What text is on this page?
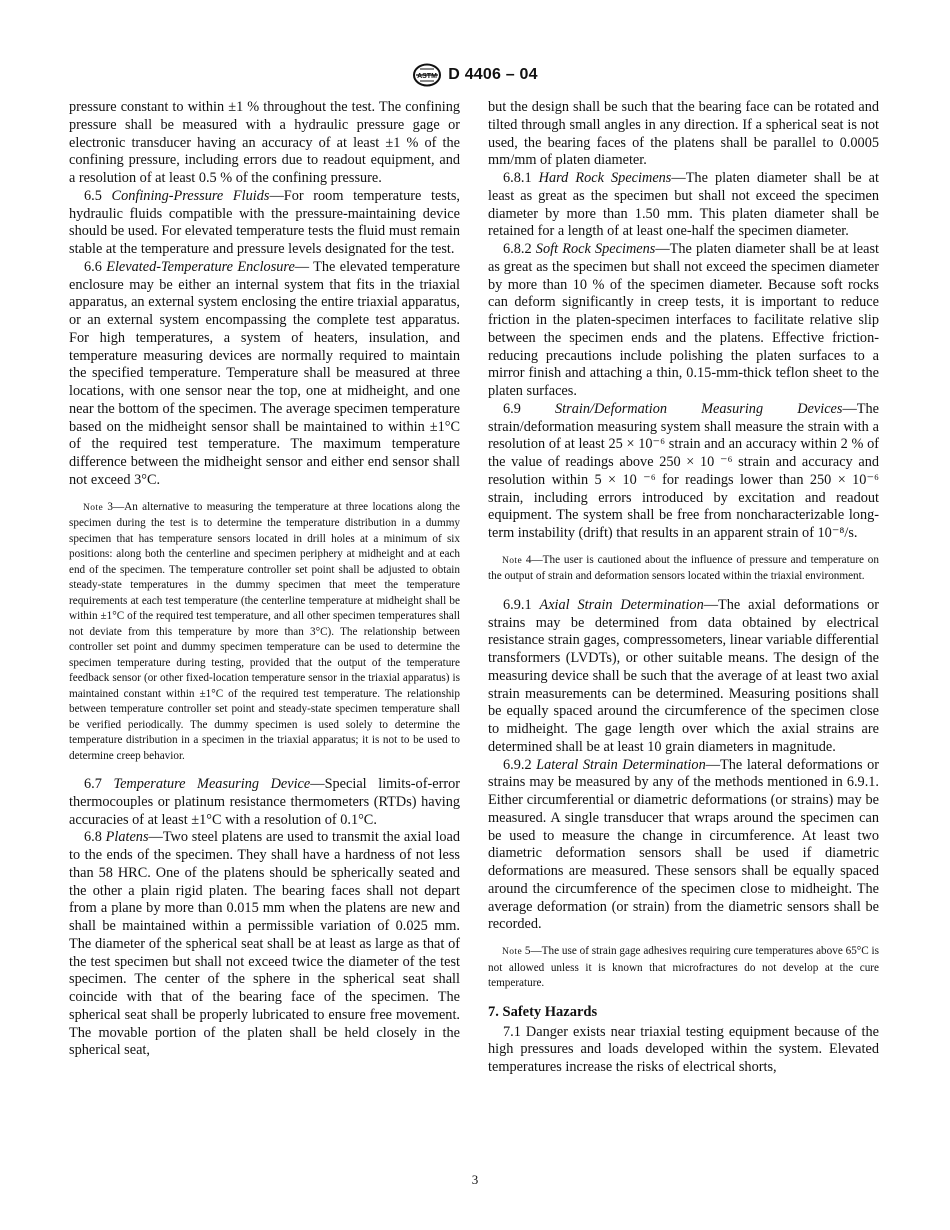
ASTM D 4406 – 04

pressure constant to within ±1 % throughout the test. The confining pressure shall be measured with a hydraulic pressure gage or electronic transducer having an accuracy of at least ±1 % of the confining pressure, including errors due to readout equipment, and a resolution of at least 0.5 % of the confining pressure.

6.5 Confining-Pressure Fluids—For room temperature tests, hydraulic fluids compatible with the pressure-maintaining device should be used. For elevated temperature tests the fluid must remain stable at the temperature and pressure levels designated for the test.

6.6 Elevated-Temperature Enclosure— The elevated temperature enclosure may be either an internal system that fits in the triaxial apparatus, an external system enclosing the entire triaxial apparatus, or an external system encompassing the complete test apparatus. For high temperatures, a system of heaters, insulation, and temperature measuring devices are normally required to maintain the specified temperature. Temperature shall be measured at three locations, with one sensor near the top, one at midheight, and one near the bottom of the specimen. The average specimen temperature based on the midheight sensor shall be maintained to within ±1°C of the required test temperature. The maximum temperature difference between the midheight sensor and either end sensor shall not exceed 3°C.

Note 3—An alternative to measuring the temperature at three locations along the specimen during the test is to determine the temperature distribution in a dummy specimen that has temperature sensors located in drill holes at a minimum of six positions: along both the centerline and specimen periphery at midheight and at each end of the specimen. The temperature controller set point shall be adjusted to obtain steady-state temperatures in the dummy specimen that meet the temperature requirements at each test temperature (the centerline temperature at midheight shall be within ±1°C of the required test temperature, and all other specimen temperatures shall not deviate from this temperature by more than 3°C). The relationship between controller set point and dummy specimen temperature can be used to determine the specimen temperature during testing, provided that the output of the temperature feedback sensor (or other fixed-location temperature sensor in the triaxial apparatus) is maintained constant within ±1°C of the required test temperature. The relationship between temperature controller set point and steady-state specimen temperature shall be verified periodically. The dummy specimen is used solely to determine the temperature distribution in a specimen in the triaxial apparatus; it is not to be used to determine creep behavior.

6.7 Temperature Measuring Device—Special limits-of-error thermocouples or platinum resistance thermometers (RTDs) having accuracies of at least ±1°C with a resolution of 0.1°C.

6.8 Platens—Two steel platens are used to transmit the axial load to the ends of the specimen. They shall have a hardness of not less than 58 HRC. One of the platens should be spherically seated and the other a plain rigid platen. The bearing faces shall not depart from a plane by more than 0.015 mm when the platens are new and shall be maintained within a permissible variation of 0.025 mm. The diameter of the spherical seat shall be at least as large as that of the test specimen but shall not exceed twice the diameter of the test specimen. The center of the sphere in the spherical seat shall coincide with that of the bearing face of the specimen. The spherical seat shall be properly lubricated to ensure free movement. The movable portion of the platen shall be held closely in the spherical seat,

but the design shall be such that the bearing face can be rotated and tilted through small angles in any direction. If a spherical seat is not used, the bearing faces of the platens shall be parallel to 0.0005 mm/mm of platen diameter.

6.8.1 Hard Rock Specimens—The platen diameter shall be at least as great as the specimen but shall not exceed the specimen diameter by more than 1.50 mm. This platen diameter shall be retained for a length of at least one-half the specimen diameter.

6.8.2 Soft Rock Specimens—The platen diameter shall be at least as great as the specimen but shall not exceed the specimen diameter by more than 10 % of the specimen diameter. Because soft rocks can deform significantly in creep tests, it is important to reduce friction in the platen-specimen interfaces to facilitate relative slip between the specimen ends and the platens. Effective friction-reducing precautions include polishing the platen surfaces to a mirror finish and attaching a thin, 0.15-mm-thick teflon sheet to the platen surfaces.

6.9 Strain/Deformation Measuring Devices—The strain/deformation measuring system shall measure the strain with a resolution of at least 25 × 10⁻⁶ strain and an accuracy within 2 % of the value of readings above 250 × 10 ⁻⁶ strain and accuracy and resolution within 5 × 10 ⁻⁶ for readings lower than 250 × 10⁻⁶ strain, including errors introduced by excitation and readout equipment. The system shall be free from noncharacterizable long-term instability (drift) that results in an apparent strain of 10⁻⁸/s.

Note 4—The user is cautioned about the influence of pressure and temperature on the output of strain and deformation sensors located within the triaxial environment.

6.9.1 Axial Strain Determination—The axial deformations or strains may be determined from data obtained by electrical resistance strain gages, compressometers, linear variable differential transformers (LVDTs), or other suitable means. The design of the measuring device shall be such that the average of at least two axial strain measurements can be determined. Measuring positions shall be equally spaced around the circumference of the specimen close to midheight. The gage length over which the axial strains are determined shall be at least 10 grain diameters in magnitude.

6.9.2 Lateral Strain Determination—The lateral deformations or strains may be measured by any of the methods mentioned in 6.9.1. Either circumferential or diametric deformations (or strains) may be measured. A single transducer that wraps around the specimen can be used to measure the change in circumference. At least two diametric deformation sensors shall be used if diametric deformations are measured. These sensors shall be equally spaced around the circumference of the specimen close to midheight. The average deformation (or strain) from the diametric sensors shall be recorded.

Note 5—The use of strain gage adhesives requiring cure temperatures above 65°C is not allowed unless it is known that microfractures do not develop at the cure temperature.

7. Safety Hazards

7.1 Danger exists near triaxial testing equipment because of the high pressures and loads developed within the system. Elevated temperatures increase the risks of electrical shorts,

3
